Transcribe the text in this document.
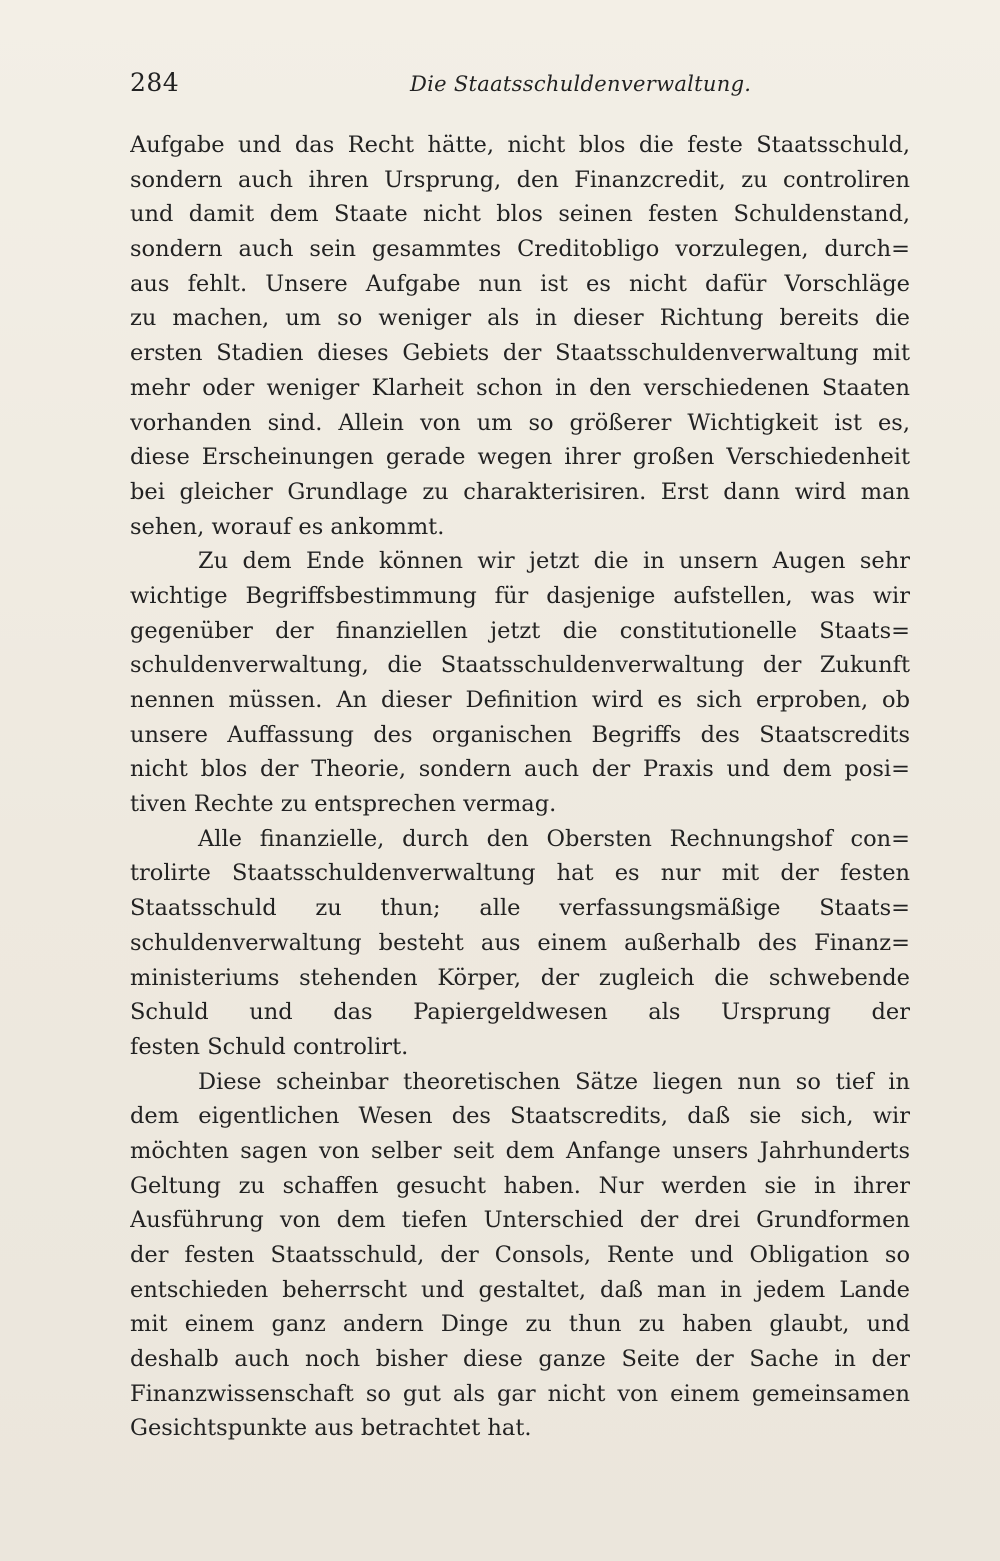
284	Die Staatsschuldenverwaltung.
Aufgabe und das Recht hätte, nicht blos die feste Staatsschuld,
sondern auch ihren Ursprung, den Finanzcredit, zu controliren
und damit dem Staate nicht blos seinen festen Schuldenstand,
sondern auch sein gesammtes Creditobligo vorzulegen, durch=
aus fehlt. Unsere Aufgabe nun ist es nicht dafür Vorschläge
zu machen, um so weniger als in dieser Richtung bereits die
ersten Stadien dieses Gebiets der Staatsschuldenverwaltung mit
mehr oder weniger Klarheit schon in den verschiedenen Staaten
vorhanden sind. Allein von um so größerer Wichtigkeit ist es,
diese Erscheinungen gerade wegen ihrer großen Verschiedenheit
bei gleicher Grundlage zu charakterisiren. Erst dann wird man
sehen, worauf es ankommt.
Zu dem Ende können wir jetzt die in unsern Augen sehr
wichtige Begriffsbestimmung für dasjenige aufstellen, was wir
gegenüber der finanziellen jetzt die constitutionelle Staats=
schuldenverwaltung, die Staatsschuldenverwaltung der Zukunft
nennen müssen. An dieser Definition wird es sich erproben, ob
unsere Auffassung des organischen Begriffs des Staatscredits
nicht blos der Theorie, sondern auch der Praxis und dem posi=
tiven Rechte zu entsprechen vermag.
Alle finanzielle, durch den Obersten Rechnungshof con=
trolirte Staatsschuldenverwaltung hat es nur mit der festen
Staatsschuld zu thun; alle verfassungsmäßige Staats=
schuldenverwaltung besteht aus einem außerhalb des Finanz=
ministeriums stehenden Körper, der zugleich die schwebende
Schuld und das Papiergeldwesen als Ursprung der
festen Schuld controlirt.
Diese scheinbar theoretischen Sätze liegen nun so tief in
dem eigentlichen Wesen des Staatscredits, daß sie sich, wir
möchten sagen von selber seit dem Anfange unsers Jahrhunderts
Geltung zu schaffen gesucht haben. Nur werden sie in ihrer
Ausführung von dem tiefen Unterschied der drei Grundformen
der festen Staatsschuld, der Consols, Rente und Obligation so
entschieden beherrscht und gestaltet, daß man in jedem Lande
mit einem ganz andern Dinge zu thun zu haben glaubt, und
deshalb auch noch bisher diese ganze Seite der Sache in der
Finanzwissenschaft so gut als gar nicht von einem gemeinsamen
Gesichtspunkte aus betrachtet hat.
